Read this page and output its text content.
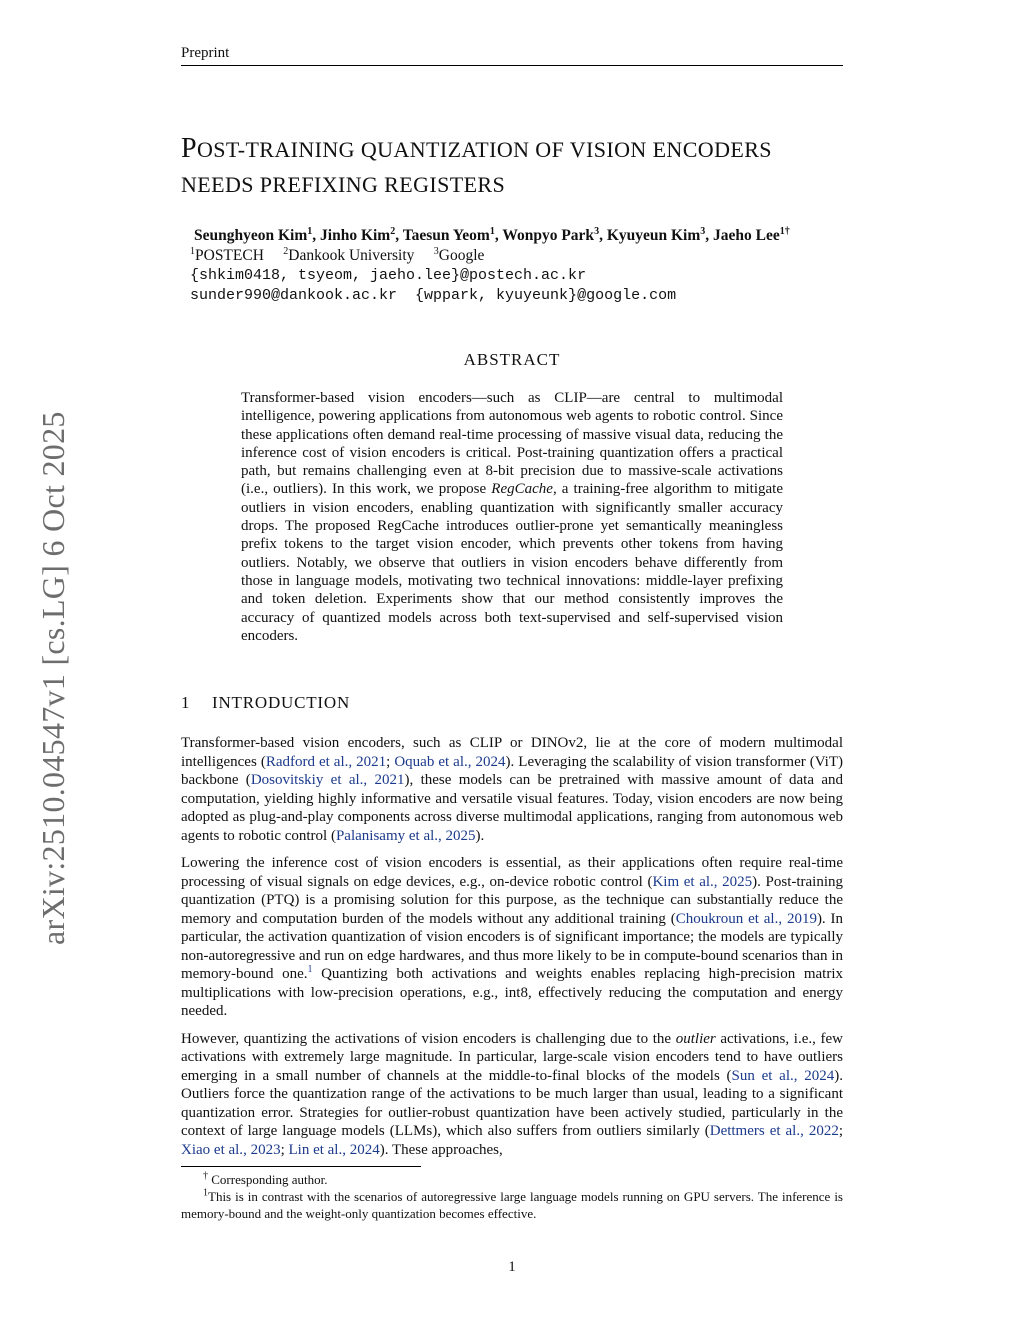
Preprint
arXiv:2510.04547v1 [cs.LG] 6 Oct 2025
POST-TRAINING QUANTIZATION OF VISION ENCODERS
NEEDS PREFIXING REGISTERS
Seunghyeon Kim$^1$, Jinho Kim$^2$, Taesun Yeom$^1$, Wonpyo Park$^3$, Kyuyeun Kim$^3$, Jaeho Lee$^{1\dagger}$
$^1$POSTECH $^2$Dankook University $^3$Google
{shkim0418, tsyeom, jaeho.lee}@postech.ac.kr
sunder990@dankook.ac.kr  {wppark, kyuyeunk}@google.com
ABSTRACT
Transformer-based vision encoders—such as CLIP—are central to multimodal intelligence, powering applications from autonomous web agents to robotic control. Since these applications often demand real-time processing of massive visual data, reducing the inference cost of vision encoders is critical. Post-training quantization offers a practical path, but remains challenging even at 8-bit precision due to massive-scale activations (i.e., outliers). In this work, we propose RegCache, a training-free algorithm to mitigate outliers in vision encoders, enabling quantization with significantly smaller accuracy drops. The proposed RegCache introduces outlier-prone yet semantically meaningless prefix tokens to the target vision encoder, which prevents other tokens from having outliers. Notably, we observe that outliers in vision encoders behave differently from those in language models, motivating two technical innovations: middle-layer prefixing and token deletion. Experiments show that our method consistently improves the accuracy of quantized models across both text-supervised and self-supervised vision encoders.
1 INTRODUCTION

Transformer-based vision encoders, such as CLIP or DINOv2, lie at the core of modern multimodal intelligences (Radford et al., 2021; Oquab et al., 2024). Leveraging the scalability of vision transformer (ViT) backbone (Dosovitskiy et al., 2021), these models can be pretrained with massive amount of data and computation, yielding highly informative and versatile visual features. Today, vision encoders are now being adopted as plug-and-play components across diverse multimodal applications, ranging from autonomous web agents to robotic control (Palanisamy et al., 2025).

Lowering the inference cost of vision encoders is essential, as their applications often require real-time processing of visual signals on edge devices, e.g., on-device robotic control (Kim et al., 2025). Post-training quantization (PTQ) is a promising solution for this purpose, as the technique can substantially reduce the memory and computation burden of the models without any additional training (Choukroun et al., 2019). In particular, the activation quantization of vision encoders is of significant importance; the models are typically non-autoregressive and run on edge hardwares, and thus more likely to be in compute-bound scenarios than in memory-bound one.$^1$ Quantizing both activations and weights enables replacing high-precision matrix multiplications with low-precision operations, e.g., int8, effectively reducing the computation and energy needed.

However, quantizing the activations of vision encoders is challenging due to the outlier activations, i.e., few activations with extremely large magnitude. In particular, large-scale vision encoders tend to have outliers emerging in a small number of channels at the middle-to-final blocks of the models (Sun et al., 2024). Outliers force the quantization range of the activations to be much larger than usual, leading to a significant quantization error. Strategies for outlier-robust quantization have been actively studied, particularly in the context of large language models (LLMs), which also suffers from outliers similarly (Dettmers et al., 2022; Xiao et al., 2023; Lin et al., 2024). These approaches,

† Corresponding author.

$^1$This is in contrast with the scenarios of autoregressive large language models running on GPU servers. The inference is memory-bound and the weight-only quantization becomes effective.

1
